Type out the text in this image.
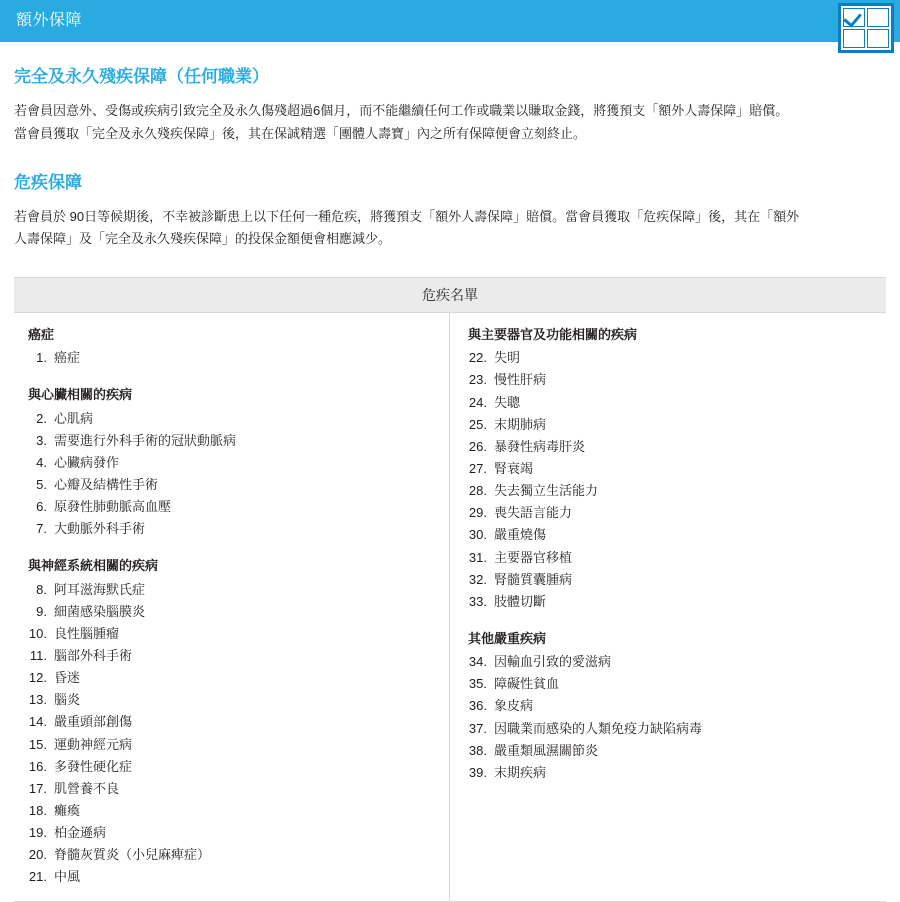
額外保障
完全及永久殘疾保障（任何職業）

若會員因意外、受傷或疾病引致完全及永久傷殘超過6個月，而不能繼續任何工作或職業以賺取金錢，將獲預支「額外人壽保障」賠償。

當會員獲取「完全及永久殘疾保障」後，其在保誠精選「團體人壽寶」內之所有保障便會立刻終止。

危疾保障

若會員於 90日等候期後，不幸被診斷患上以下任何一種危疾，將獲預支「額外人壽保障」賠償。當會員獲取「危疾保障」後，其在「額外

人壽保障」及「完全及永久殘疾保障」的投保金額便會相應減少。

危疾名單
癌症
1. 癌症
與心臟相關的疾病
2. 心肌病
3. 需要進行外科手術的冠狀動脈病
4. 心臟病發作
5. 心瓣及結構性手術
6. 原發性肺動脈高血壓
7. 大動脈外科手術
與神經系統相關的疾病
8. 阿耳滋海默氏症
9. 細菌感染腦膜炎
10. 良性腦腫瘤
11. 腦部外科手術
12. 昏迷
13. 腦炎
14. 嚴重頭部創傷
15. 運動神經元病
16. 多發性硬化症
17. 肌營養不良
18. 癱瘓
19. 柏金遜病
20. 脊髓灰質炎（小兒麻痺症）
21. 中風
與主要器官及功能相關的疾病
22. 失明
23. 慢性肝病
24. 失聰
25. 末期肺病
26. 暴發性病毒肝炎
27. 腎衰竭
28. 失去獨立生活能力
29. 喪失語言能力
30. 嚴重燒傷
31. 主要器官移植
32. 腎髓質囊腫病
33. 肢體切斷
其他嚴重疾病
34. 因輸血引致的愛滋病
35. 障礙性貧血
36. 象皮病
37. 因職業而感染的人類免疫力缺陷病毒
38. 嚴重類風濕關節炎
39. 末期疾病
